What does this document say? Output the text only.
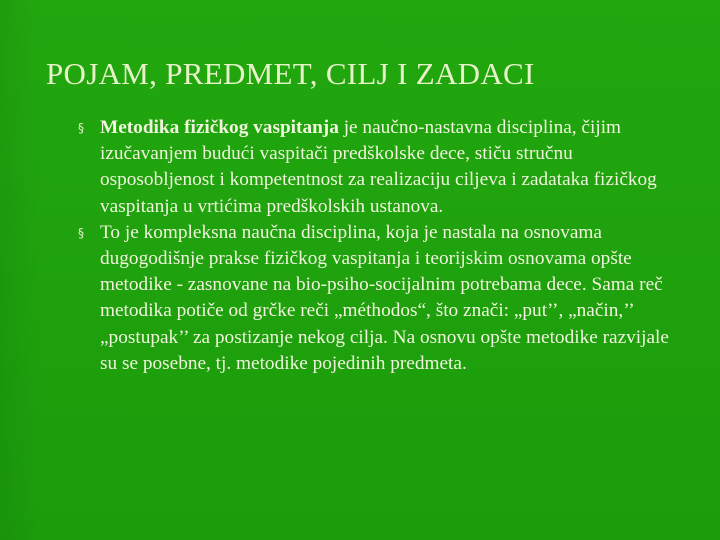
POJAM, PREDMET, CILJ I ZADACI
§ Metodika fizičkog vaspitanja je naučno-nastavna disciplina, čijim izučavanjem budući vaspitači predškolske dece, stiču stručnu osposobljenost i kompetentnost za realizaciju ciljeva i zadataka fizičkog vaspitanja u vrtićima predškolskih ustanova.
§ To je kompleksna naučna disciplina, koja je nastala na osnovama dugogodišnje prakse fizičkog vaspitanja i teorijskim osnovama opšte metodike - zasnovane na bio-psiho-socijalnim potrebama dece. Sama reč metodika potiče od grčke reči „méthodos“, što znači: „put’’, „način,’’ „postupak’’ za postizanje nekog cilja. Na osnovu opšte metodike razvijale su se posebne, tj. metodike pojedinih predmeta.
